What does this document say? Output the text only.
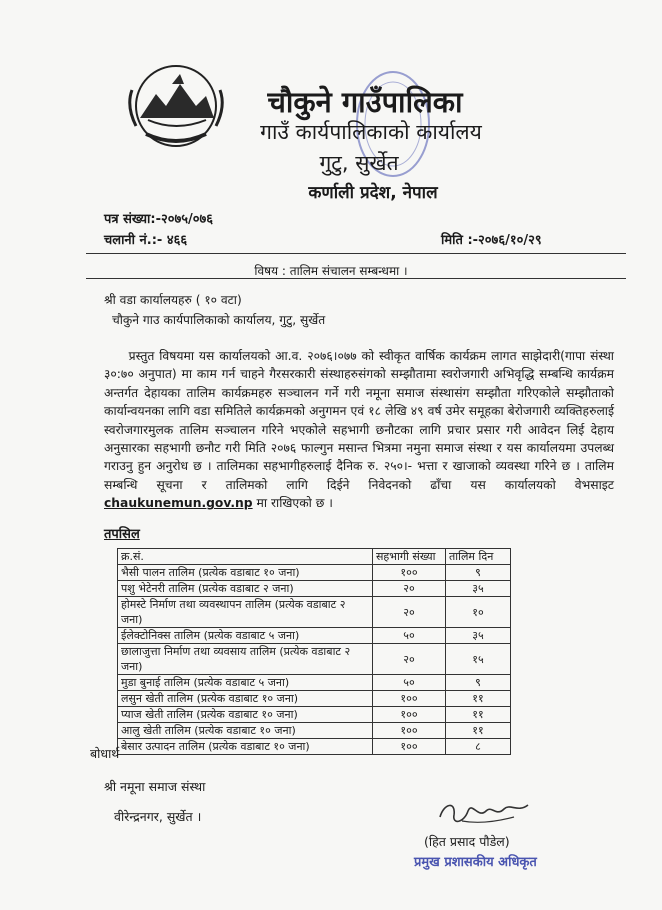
चौकुने गाउँपालिका
गाउँ कार्यपालिकाको कार्यालय
गुटु, सुर्खेत
कर्णाली प्रदेश, नेपाल
पत्र संख्या:-२०७५/०७६
चलानी नं.:- ४६६	मिति :-२०७६/१०/२९
विषय : तालिम संचालन सम्बन्धमा ।
श्री वडा कार्यालयहरु ( १० वटा)
चौकुने गाउ कार्यपालिकाको कार्यालय, गुटु, सुर्खेत
  प्रस्तुत विषयमा यस कार्यालयको आ.व. २०७६।०७७ को स्वीकृत वार्षिक कार्यक्रम लागत साझेदारी(गापा संस्था ३०:७० अनुपात) मा काम गर्न चाहने गैरसरकारी संस्थाहरुसंगको सम्झौतामा स्वरोजगारी अभिवृद्धि सम्बन्धि कार्यक्रम अन्तर्गत देहायका तालिम कार्यक्रमहरु सञ्चालन गर्ने गरी नमूना समाज संस्थासंग सम्झौता गरिएकोले सम्झौताको कार्यान्वयनका लागि वडा समितिले कार्यक्रमको अनुगमन एवं १८ लेखि ४९ वर्ष उमेर समूहका बेरोजगारी व्यक्तिहरुलाई स्वरोजगारमुलक तालिम सञ्चालन गरिने भएकोले सहभागी छनौटका लागि प्रचार प्रसार गरी आवेदन लिई देहाय अनुसारका सहभागी छनौट गरी मिति २०७६ फाल्गुन मसान्त भित्रमा नमुना समाज संस्था र यस कार्यालयमा उपलब्ध गराउनु हुन अनुरोध छ । तालिमका सहभागीहरुलाई दैनिक रु. २५०।- भत्ता र खाजाको व्यवस्था गरिने छ । तालिम सम्बन्धि सूचना र तालिमको लागि दिईने निवेदनको ढाँचा यस कार्यालयको वेभसाइट chaukunemun.gov.np मा राखिएको छ ।
तपसिल
क्र.सं.	सहभागी संख्या	तालिम दिन
भैसी पालन तालिम (प्रत्येक वडाबाट १० जना)	१००	९
पशु भेटेनरी तालिम (प्रत्येक वडाबाट २ जना)	२०	३५
होमस्टे निर्माण तथा व्यवस्थापन तालिम (प्रत्येक वडाबाट २ जना)	२०	१०
ईलेक्टोनिक्स तालिम (प्रत्येक वडाबाट ५ जना)	५०	३५
छालाजुत्ता निर्माण तथा व्यवसाय तालिम (प्रत्येक वडाबाट २ जना)	२०	१५
मुडा बुनाई तालिम (प्रत्येक वडाबाट ५ जना)	५०	९
लसुन खेती तालिम (प्रत्येक वडाबाट १० जना)	१००	११
प्याज खेती तालिम (प्रत्येक वडाबाट १० जना)	१००	११
आलु खेती तालिम (प्रत्येक वडाबाट १० जना)	१००	११
बेसार उत्पादन तालिम (प्रत्येक वडाबाट १० जना)	१००	८
बोधार्थ
श्री नमूना समाज संस्था
वीरेन्द्रनगर, सुर्खेत ।
(हित प्रसाद पौडेल)
प्रमुख प्रशासकीय अधिकृत
